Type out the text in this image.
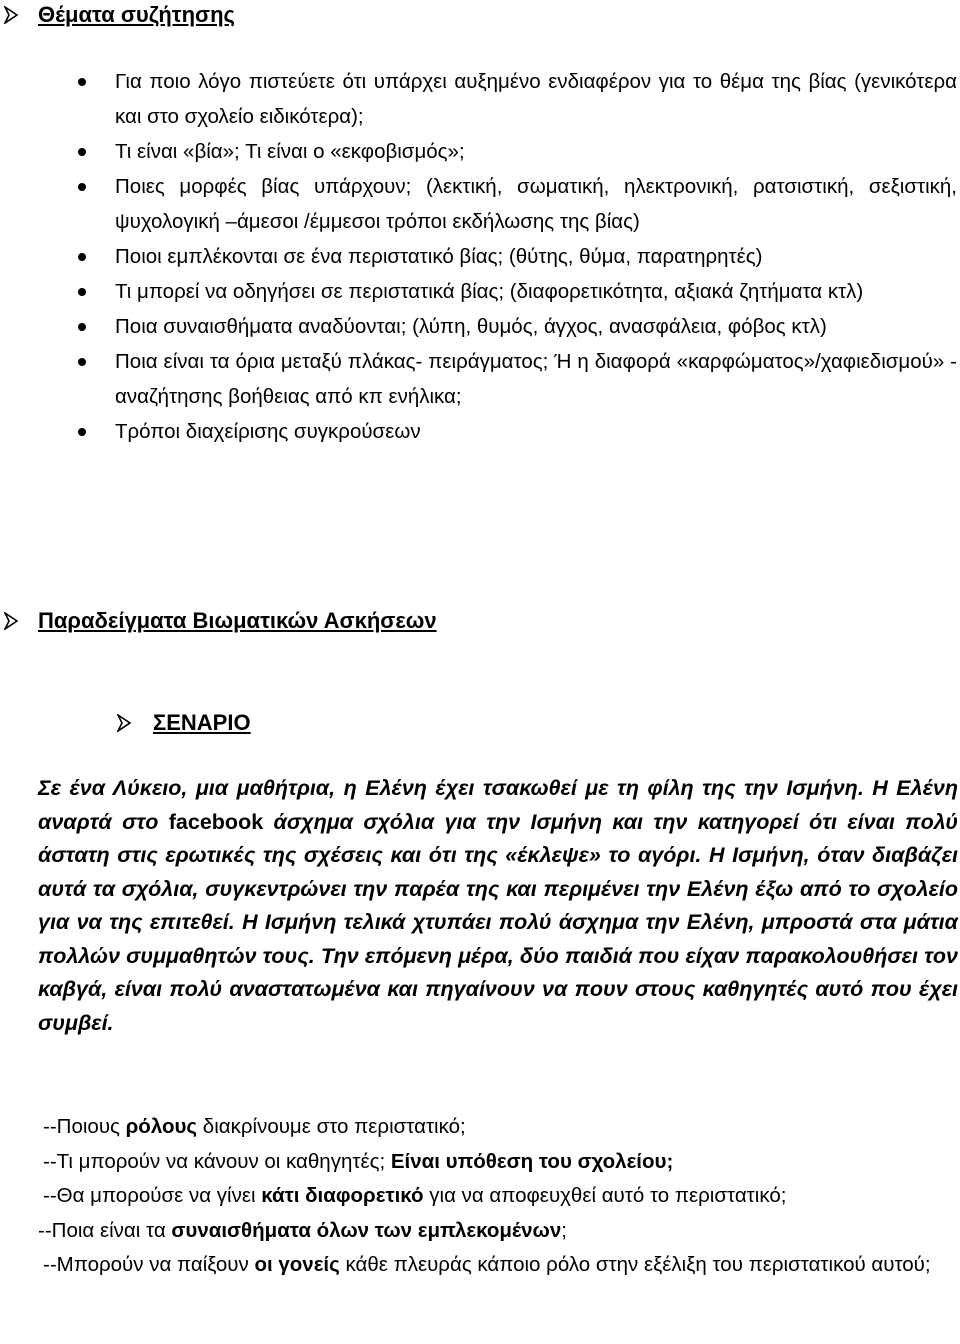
Θέματα συζήτησης
Για ποιο λόγο πιστεύετε ότι υπάρχει αυξημένο ενδιαφέρον για το θέμα της βίας (γενικότερα και στο σχολείο ειδικότερα);
Τι είναι «βία»; Τι είναι ο «εκφοβισμός»;
Ποιες μορφές βίας υπάρχουν; (λεκτική, σωματική, ηλεκτρονική, ρατσιστική, σεξιστική, ψυχολογική –άμεσοι /έμμεσοι τρόποι εκδήλωσης της βίας)
Ποιοι εμπλέκονται σε ένα περιστατικό βίας; (θύτης, θύμα, παρατηρητές)
Τι μπορεί να οδηγήσει σε περιστατικά βίας; (διαφορετικότητα, αξιακά ζητήματα κτλ)
Ποια συναισθήματα αναδύονται; (λύπη, θυμός, άγχος, ανασφάλεια, φόβος κτλ)
Ποια είναι τα όρια μεταξύ πλάκας- πειράγματος; Ή η διαφορά «καρφώματος»/χαφιεδισμού» - αναζήτησης βοήθειας από κπ ενήλικα;
Τρόποι διαχείρισης συγκρούσεων
Παραδείγματα Βιωματικών Ασκήσεων
ΣΕΝΑΡΙΟ

Σε ένα Λύκειο, μια μαθήτρια, η Ελένη έχει τσακωθεί με τη φίλη της την Ισμήνη. Η Ελένη αναρτά στο facebook άσχημα σχόλια για την Ισμήνη και την κατηγορεί ότι είναι πολύ άστατη στις ερωτικές της σχέσεις και ότι της «έκλεψε» το αγόρι. Η Ισμήνη, όταν διαβάζει αυτά τα σχόλια, συγκεντρώνει την παρέα της και περιμένει την Ελένη έξω από το σχολείο για να της επιτεθεί. Η Ισμήνη τελικά χτυπάει πολύ άσχημα την Ελένη, μπροστά στα μάτια πολλών συμμαθητών τους. Την επόμενη μέρα, δύο παιδιά που είχαν παρακολουθήσει τον καβγά, είναι πολύ αναστατωμένα και πηγαίνουν να πουν στους καθηγητές αυτό που έχει συμβεί.

--Ποιους ρόλους διακρίνουμε στο περιστατικό;

--Τι μπορούν να κάνουν οι καθηγητές; Είναι υπόθεση του σχολείου;

--Θα μπορούσε να γίνει κάτι διαφορετικό για να αποφευχθεί αυτό το περιστατικό;

--Ποια είναι τα συναισθήματα όλων των εμπλεκομένων;

--Μπορούν να παίξουν οι γονείς κάθε πλευράς κάποιο ρόλο στην εξέλιξη του περιστατικού αυτού;
